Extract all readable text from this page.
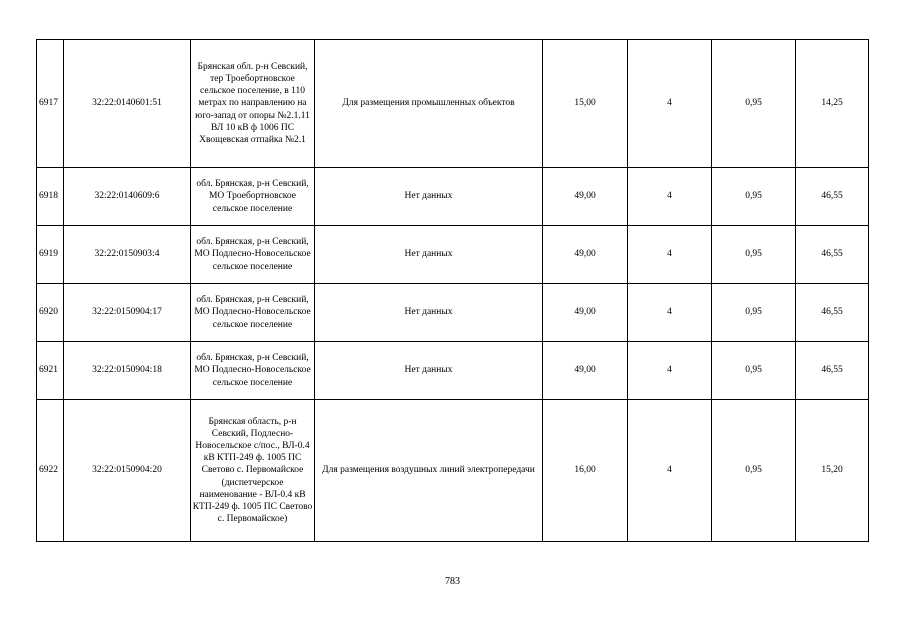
6917	32:22:0140601:51	Брянская обл. р-н Севский, тер Троебортновское сельское поселение, в 110 метрах по направлению на юго-запад от опоры №2.1.11 ВЛ 10 кВ ф 1006 ПС Хвощевская отпайка №2.1	Для размещения промышленных объектов	15,00	4	0,95	14,25
6918	32:22:0140609:6	обл. Брянская, р-н Севский, МО Троебортновское сельское поселение	Нет данных	49,00	4	0,95	46,55
6919	32:22:0150903:4	обл. Брянская, р-н Севский, МО Подлесно-Новосельское сельское поселение	Нет данных	49,00	4	0,95	46,55
6920	32:22:0150904:17	обл. Брянская, р-н Севский, МО Подлесно-Новосельское сельское поселение	Нет данных	49,00	4	0,95	46,55
6921	32:22:0150904:18	обл. Брянская, р-н Севский, МО Подлесно-Новосельское сельское поселение	Нет данных	49,00	4	0,95	46,55
6922	32:22:0150904:20	Брянская область, р-н Севский, Подлесно-Новосельское с/пос., ВЛ-0.4 кВ КТП-249 ф. 1005 ПС Светово с. Первомайское (диспетчерское наименование - ВЛ-0.4 кВ КТП-249 ф. 1005 ПС Светово с. Первомайское)	Для размещения воздушных линий электропередачи	16,00	4	0,95	15,20
783
